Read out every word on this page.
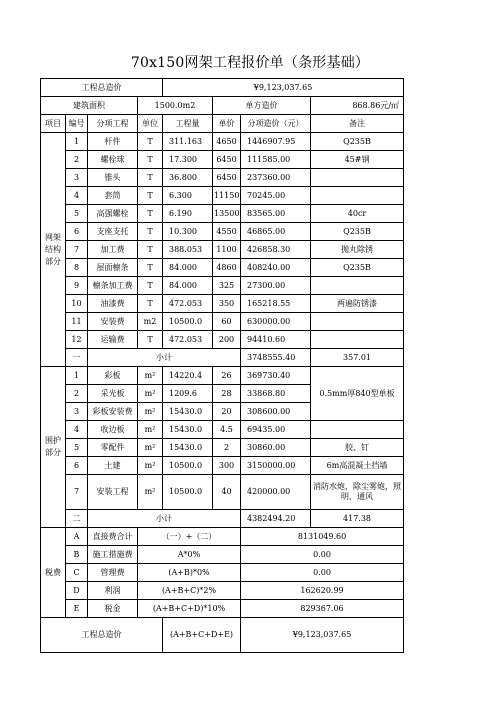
70x150网架工程报价单（条形基础）
工程总造价				¥9,123,037.65				
建筑面积			1500.0m2		单方造价		868.86元/㎡	
项目	编号	分项工程	单位	工程量	单价	分项造价（元）	备注	
网架结构部分	1	杆件	T	311.163	4650	1446907.95	Q235B	
	2	螺栓球	T	17.300	6450	111585.00	45#钢	
	3	锥头	T	36.800	6450	237360.00		
	4	套筒	T	6.300	11150	70245.00		
	5	高强螺栓	T	6.190	13500	83565.00	40cr	
	6	支座支托	T	10.300	4550	46865.00	Q235B	
	7	加工费	T	388.053	1100	426858.30	抛丸除锈	
	8	屋面檩条	T	84.000	4860	408240.00	Q235B	
	9	檩条加工费	T	84.000	325	27300.00		
	10	油漆费	T	472.053	350	165218.55	两遍防锈漆	
	11	安装费	m2	10500.0	60	630000.00		
	12	运输费	T	472.053	200	94410.60		
	一	小计				3748555.40	357.01	
围护部分	1	彩板	m²	14220.4	26	369730.40	0.5mm厚840型单板	
	2	采光板	m²	1209.6	28	33868.80		
	3	彩板安装费	m²	15430.0	20	308600.00		
	4	收边板	m²	15430.0	4.5	69435.00		
	5	零配件	m²	15430.0	2	30860.00	胶、钉	
	6	土建	m²	10500.0	300	3150000.00	6m高混凝土挡墙	
	7	安装工程	m²	10500.0	40	420000.00	消防水炮，除尘雾炮，照明，通风	
	二	小计				4382494.20	417.38	
税费	A	直接费合计	（一）+（二）			8131049.60		
	B	施工措施费	A*0%			0.00	
	C	管理费	(A+B)*0%			0.00		
	D	利润	(A+B+C)*2%			162620.99		
	E	税金	(A+B+C+D)*10%			829367.06		
工程总造价				(A+B+C+D+E)		¥9,123,037.65		
